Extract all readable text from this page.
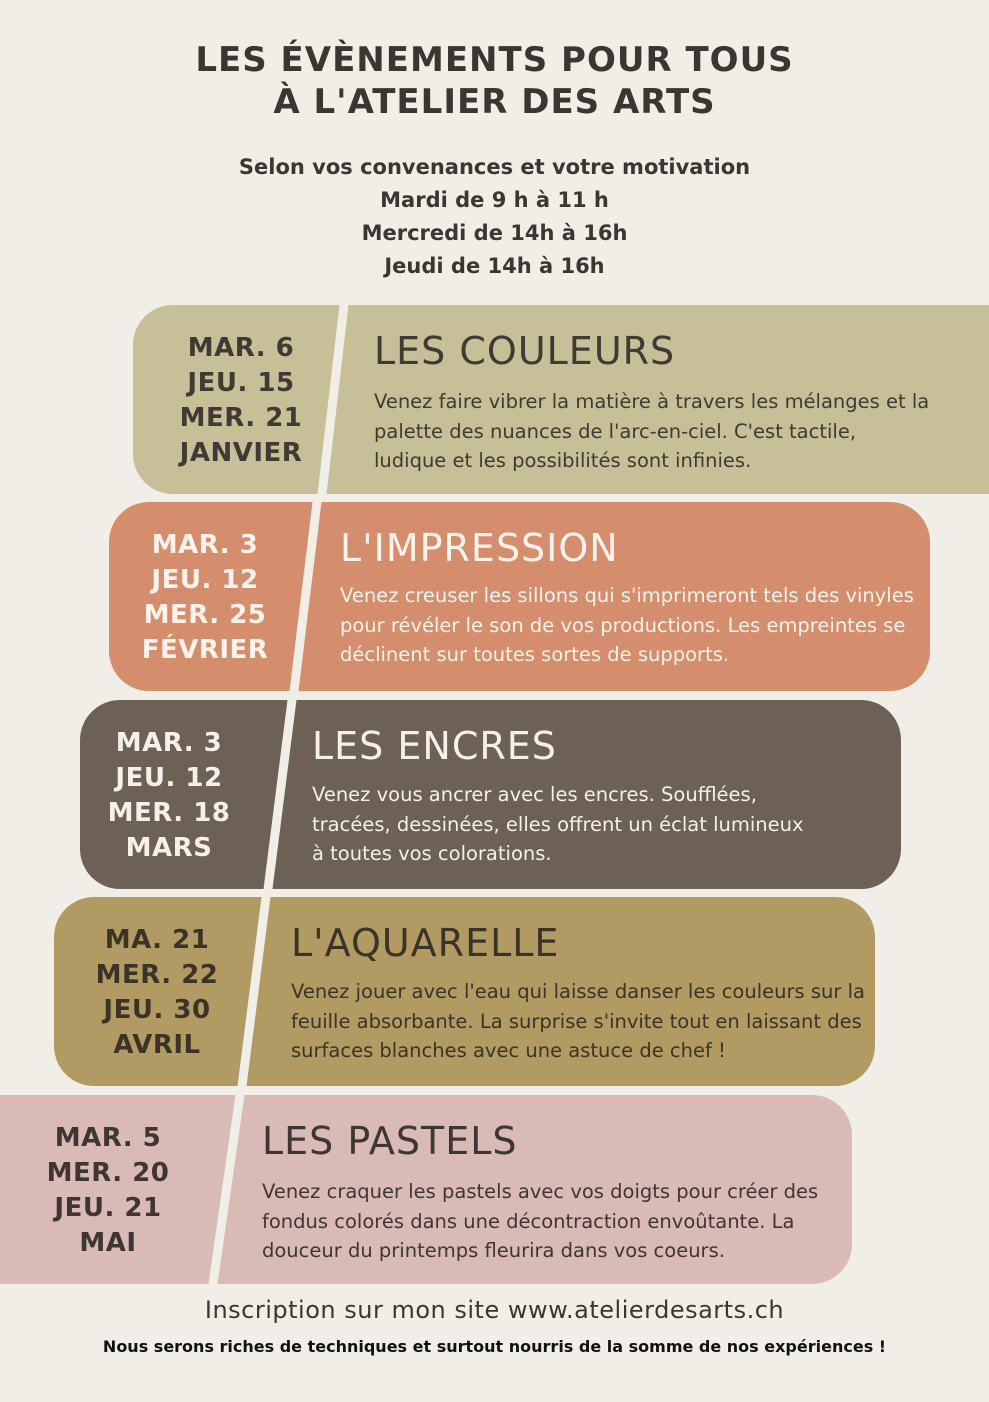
LES ÉVÈNEMENTS POUR TOUS
À L'ATELIER DES ARTS
Selon vos convenances et votre motivation
Mardi de 9 h à 11 h
Mercredi de 14h à 16h
Jeudi de 14h à 16h
MAR. 6
JEU. 15
MER. 21
JANVIER
LES COULEURS
Venez faire vibrer la matière à travers les mélanges et la palette des nuances de l'arc-en-ciel. C'est tactile, ludique et les possibilités sont infinies.
MAR. 3
JEU. 12
MER. 25
FÉVRIER
L'IMPRESSION
Venez creuser les sillons qui s'imprimeront tels des vinyles pour révéler le son de vos productions. Les empreintes se déclinent sur toutes sortes de supports.
MAR. 3
JEU. 12
MER. 18
MARS
LES ENCRES
Venez vous ancrer avec les encres. Soufflées, tracées, dessinées, elles offrent un éclat lumineux à toutes vos colorations.
MA. 21
MER. 22
JEU. 30
AVRIL
L'AQUARELLE
Venez jouer avec l'eau qui laisse danser les couleurs sur la feuille absorbante. La surprise s'invite tout en laissant des surfaces blanches avec une astuce de chef !
MAR. 5
MER. 20
JEU. 21
MAI
LES PASTELS
Venez craquer les pastels avec vos doigts pour créer des fondus colorés dans une décontraction envoûtante. La douceur du printemps fleurira dans vos coeurs.
Inscription sur mon site www.atelierdesarts.ch
Nous serons riches de techniques et surtout nourris de la somme de nos expériences !
